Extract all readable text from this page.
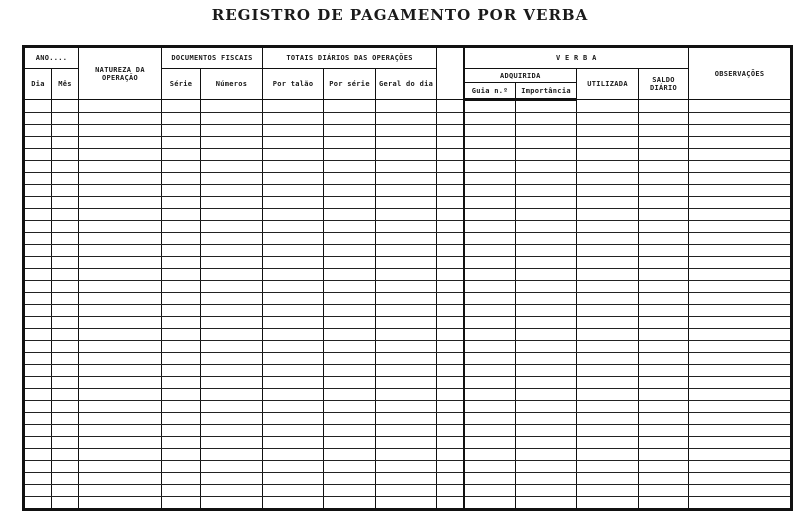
REGISTRO DE PAGAMENTO POR VERBA
ANO....		NATUREZA DA OPERAÇÃO	DOCUMENTOS FISCAIS		TOTAIS DIÁRIOS DAS OPERAÇÕES				V E R B A				OBSERVAÇÕES
Dia	Mês		Série	Números	Por talão	Por série	Geral do dia		ADQUIRIDA		UTILIZADA	SALDO DIÁRIO	
									Guia n.º	Importância			
